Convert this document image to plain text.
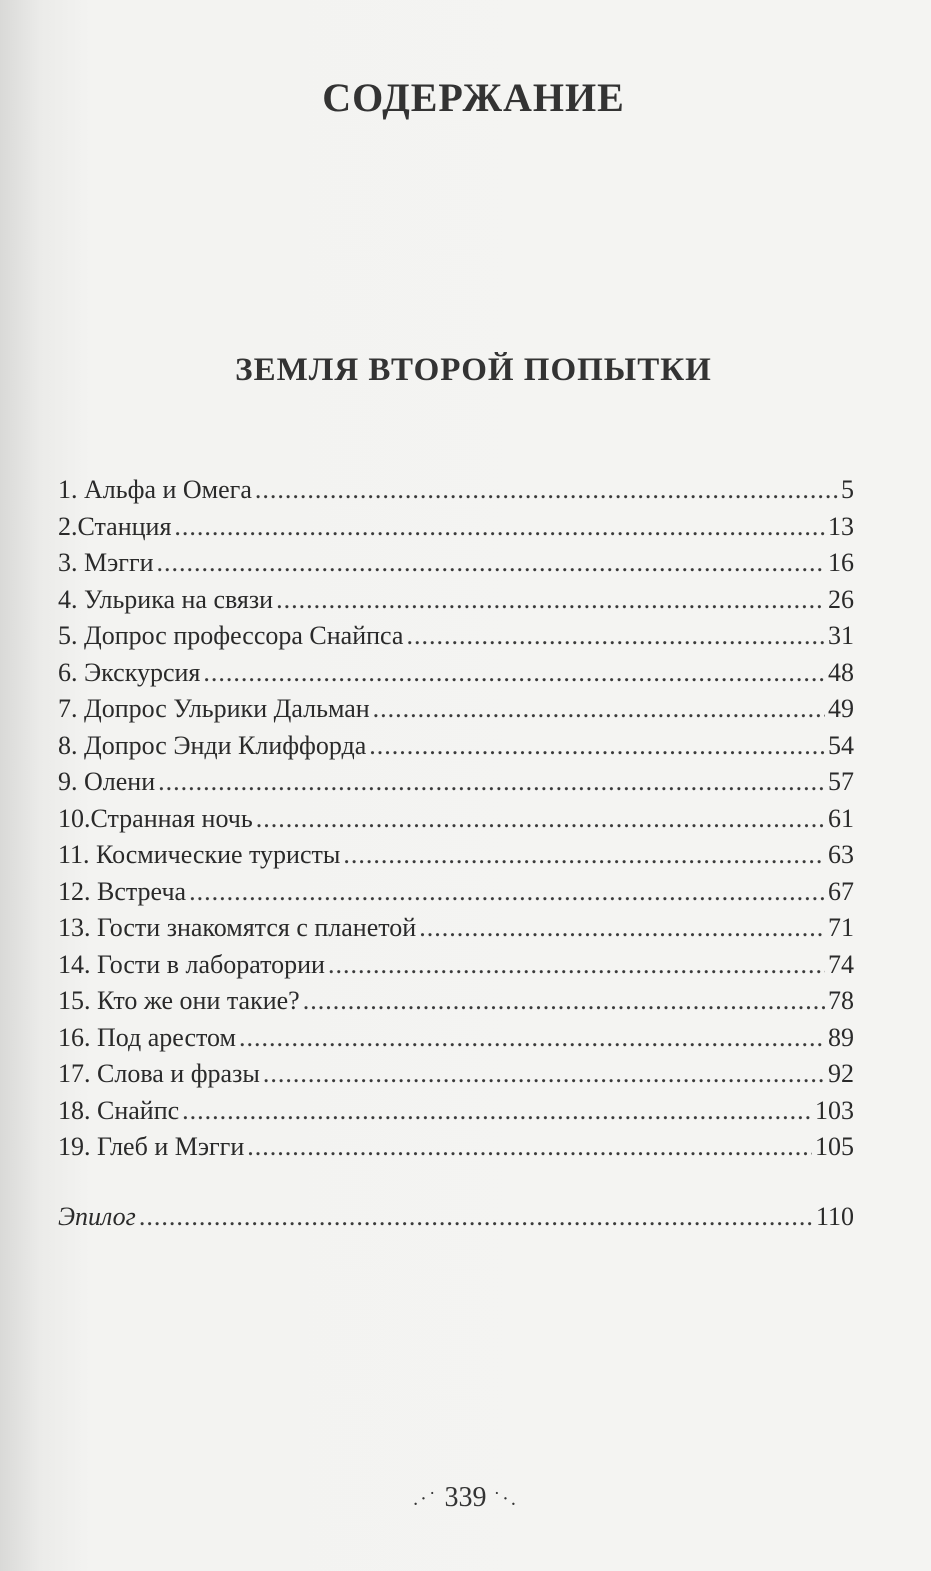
СОДЕРЖАНИЕ
ЗЕМЛЯ ВТОРОЙ ПОПЫТКИ
1. Альфа и Омега .....	5
2.Станция .....	13
3. Мэгги .....	16
4. Ульрика на связи .....	26
5. Допрос профессора Снайпса .....	31
6. Экскурсия .....	48
7. Допрос Ульрики Дальман .....	49
8. Допрос Энди Клиффорда .....	54
9. Олени .....	57
10.Странная ночь .....	61
11. Космические туристы .....	63
12. Встреча .....	67
13. Гости знакомятся с планетой .....	71
14. Гости в лаборатории .....	74
15. Кто же они такие? .....	78
16. Под арестом .....	89
17. Слова и фразы .....	92
18. Снайпс .....	103
19. Глеб и Мэгги .....	105
Эпилог .....	110
.·˙ 339 ˙·.
